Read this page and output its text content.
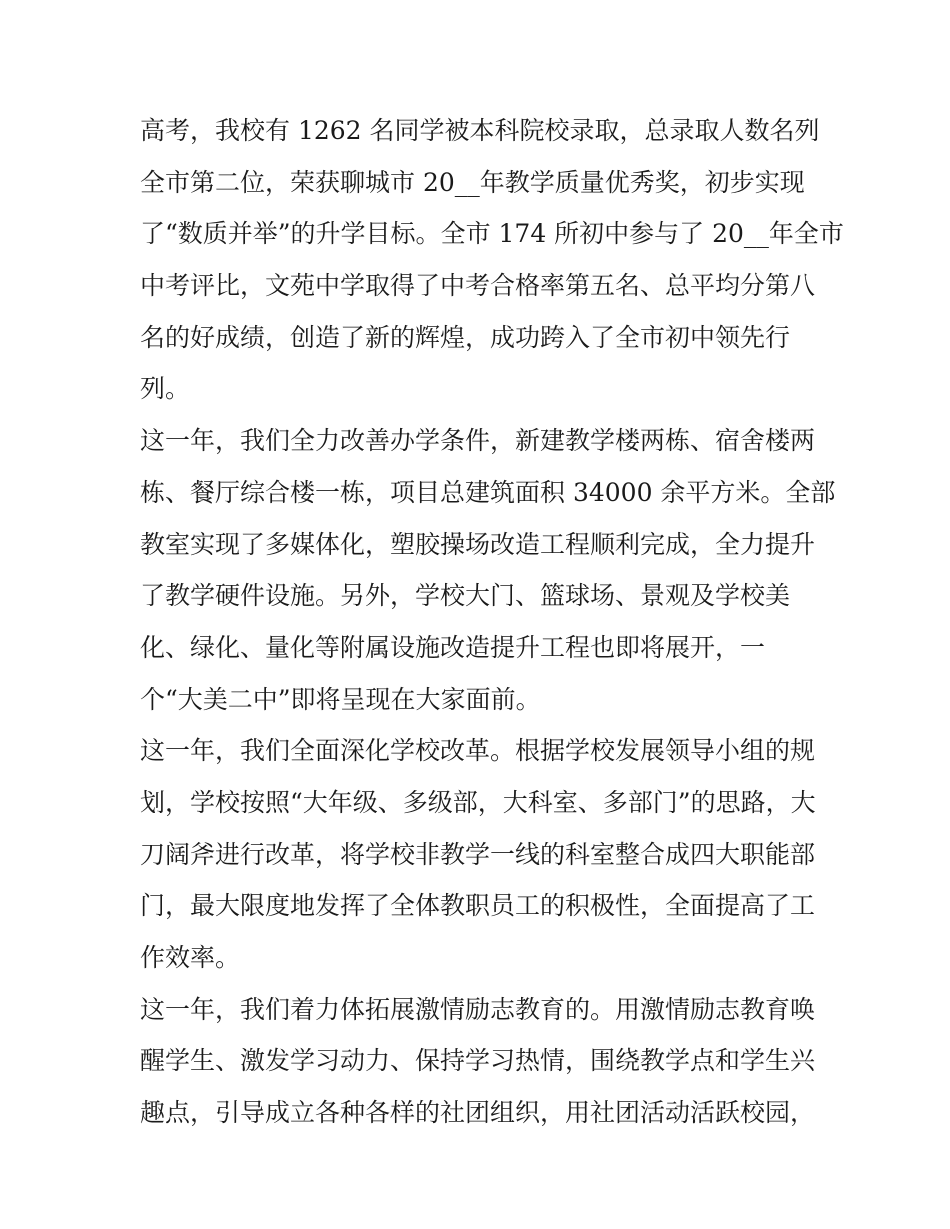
高考，我校有 1262 名同学被本科院校录取，总录取人数名列
全市第二位，荣获聊城市 20__年教学质量优秀奖，初步实现
了“数质并举”的升学目标。全市 174 所初中参与了 20__年全市
中考评比，文苑中学取得了中考合格率第五名、总平均分第八
名的好成绩，创造了新的辉煌，成功跨入了全市初中领先行
列。
这一年，我们全力改善办学条件，新建教学楼两栋、宿舍楼两
栋、餐厅综合楼一栋，项目总建筑面积 34000 余平方米。全部
教室实现了多媒体化，塑胶操场改造工程顺利完成，全力提升
了教学硬件设施。另外，学校大门、篮球场、景观及学校美
化、绿化、量化等附属设施改造提升工程也即将展开，一
个“大美二中”即将呈现在大家面前。
这一年，我们全面深化学校改革。根据学校发展领导小组的规
划，学校按照“大年级、多级部，大科室、多部门”的思路，大
刀阔斧进行改革，将学校非教学一线的科室整合成四大职能部
门，最大限度地发挥了全体教职员工的积极性，全面提高了工
作效率。
这一年，我们着力体拓展激情励志教育的。用激情励志教育唤
醒学生、激发学习动力、保持学习热情，围绕教学点和学生兴
趣点，引导成立各种各样的社团组织，用社团活动活跃校园，
